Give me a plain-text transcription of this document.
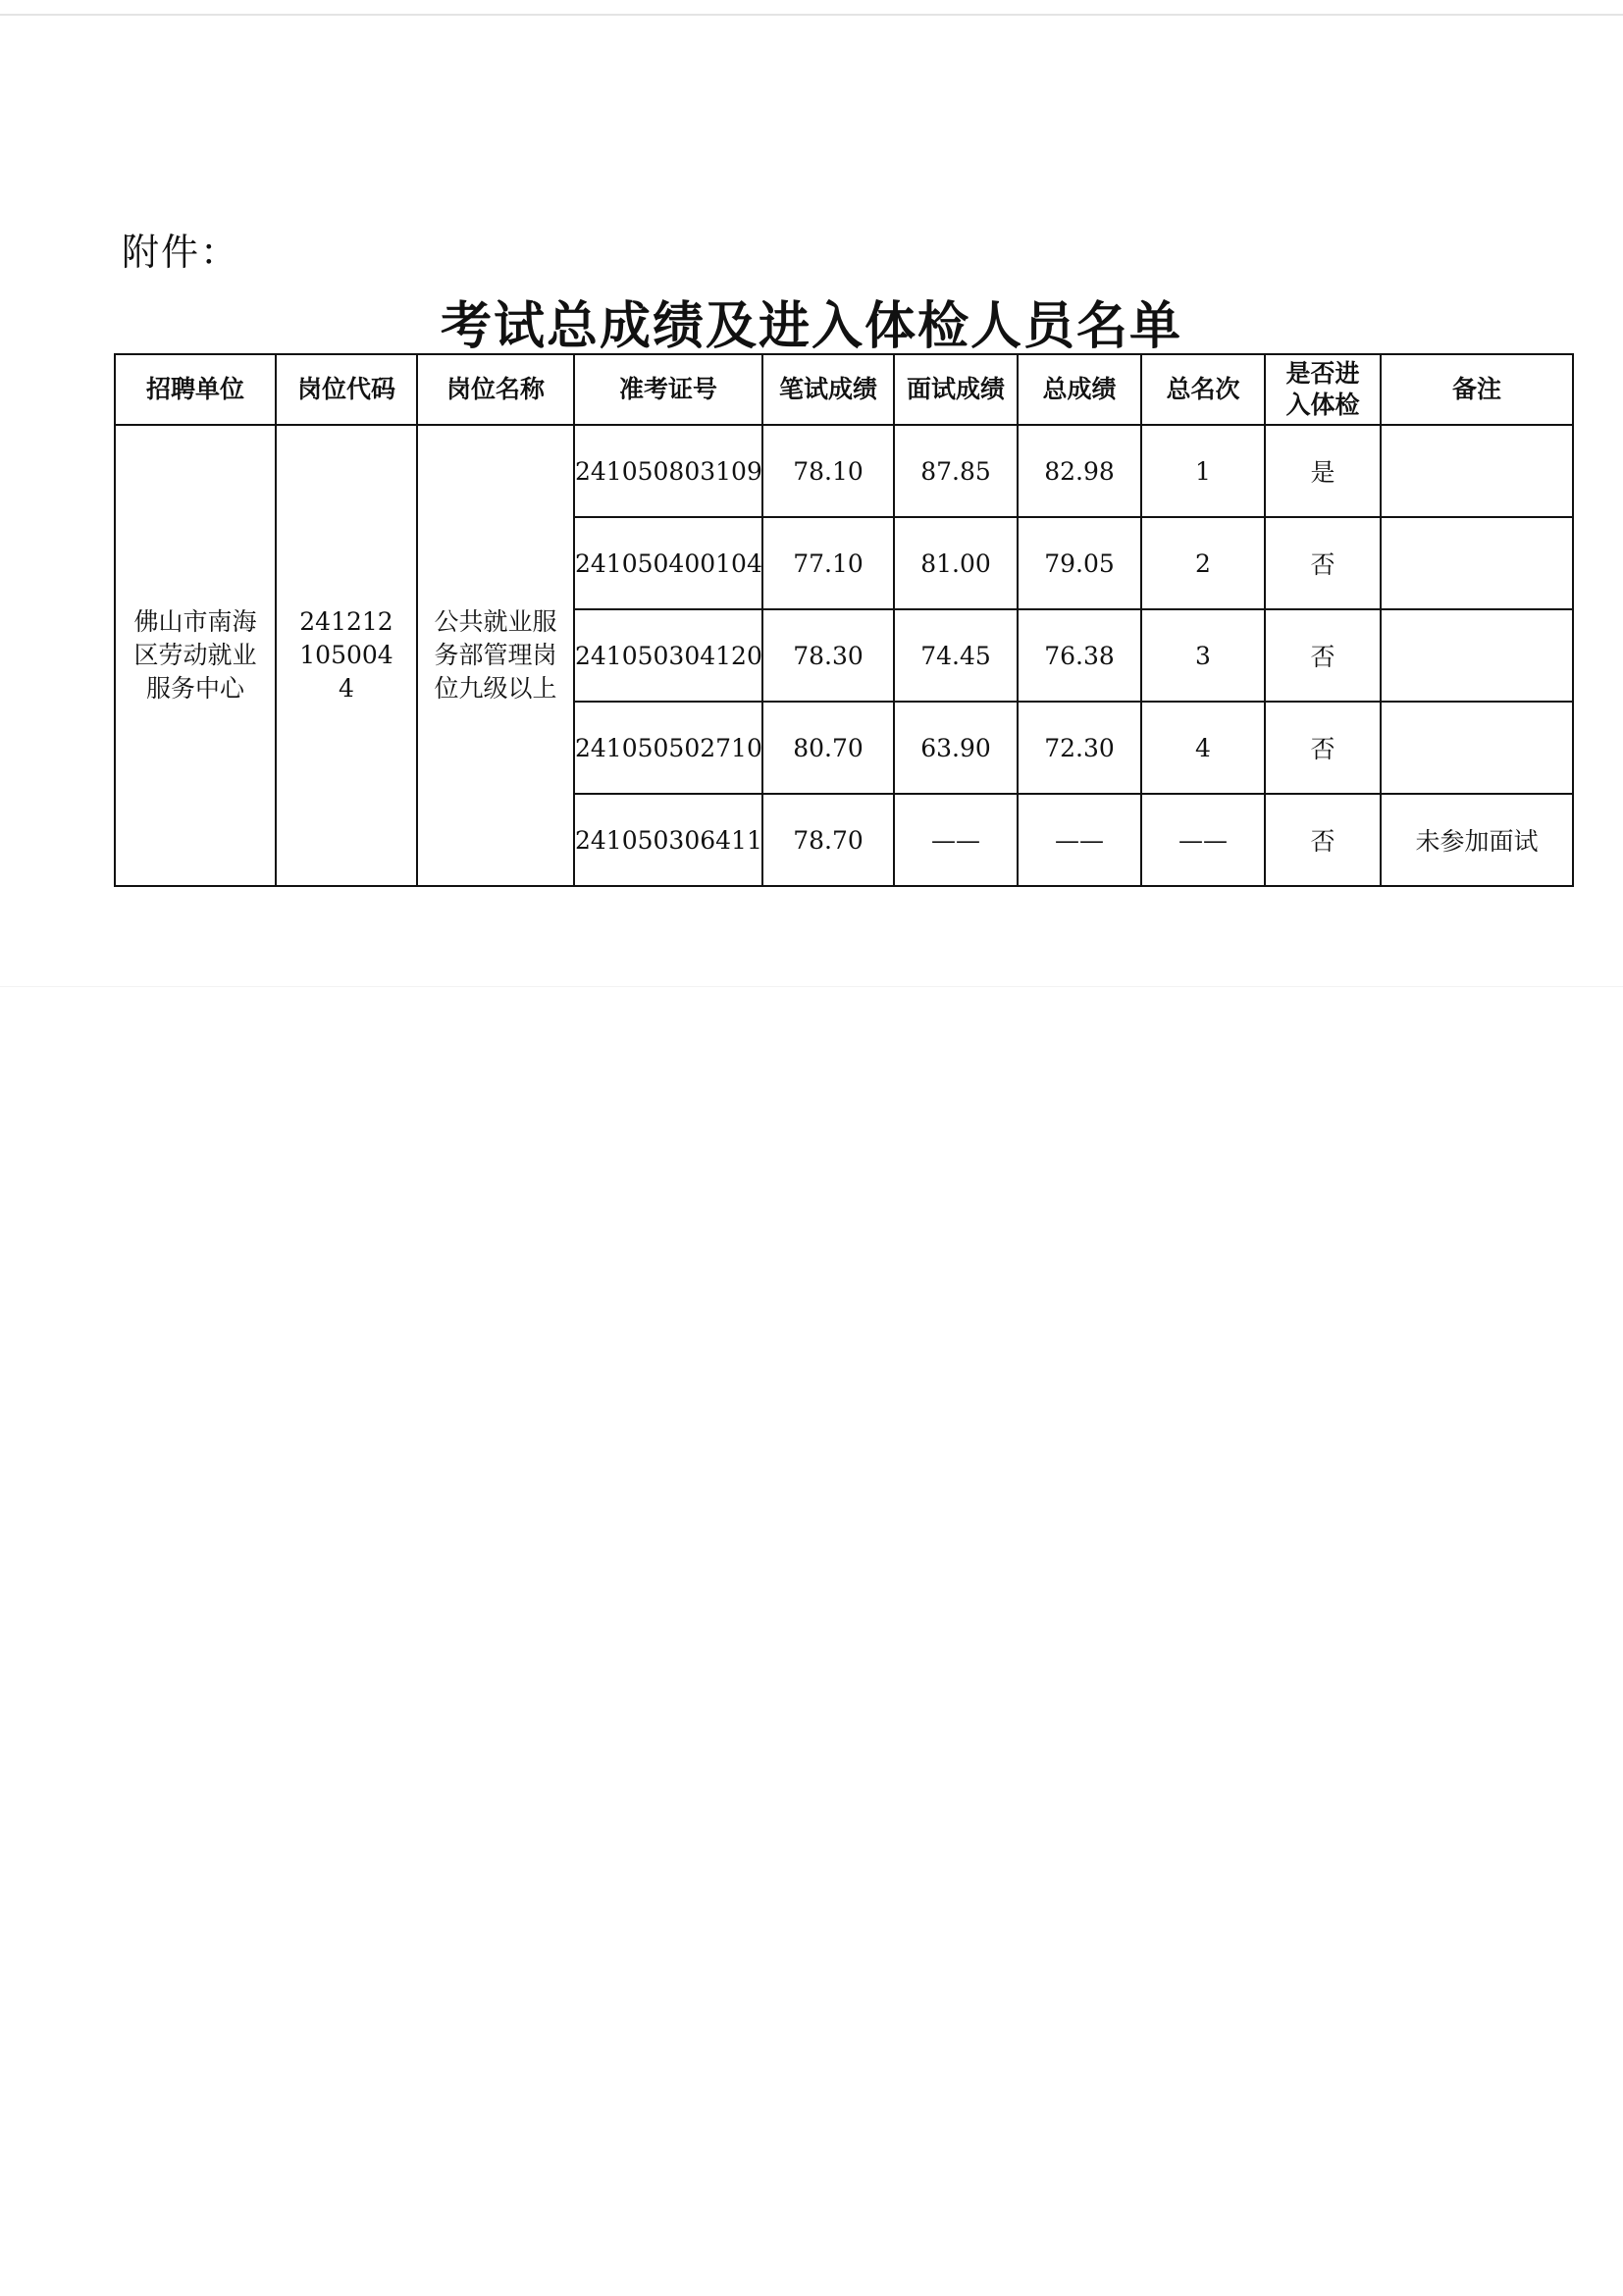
附件：
考试总成绩及进入体检人员名单
招聘单位	岗位代码	岗位名称	准考证号	笔试成绩	面试成绩	总成绩	总名次	是否进入体检	备注
佛山市南海区劳动就业服务中心	2412121050044	公共就业服务部管理岗位九级以上	241050803109	78.10	87.85	82.98	1	是	
			241050400104	77.10	81.00	79.05	2	否	
			241050304120	78.30	74.45	76.38	3	否	
			241050502710	80.70	63.90	72.30	4	否	
			241050306411	78.70	——	——	——	否	未参加面试
